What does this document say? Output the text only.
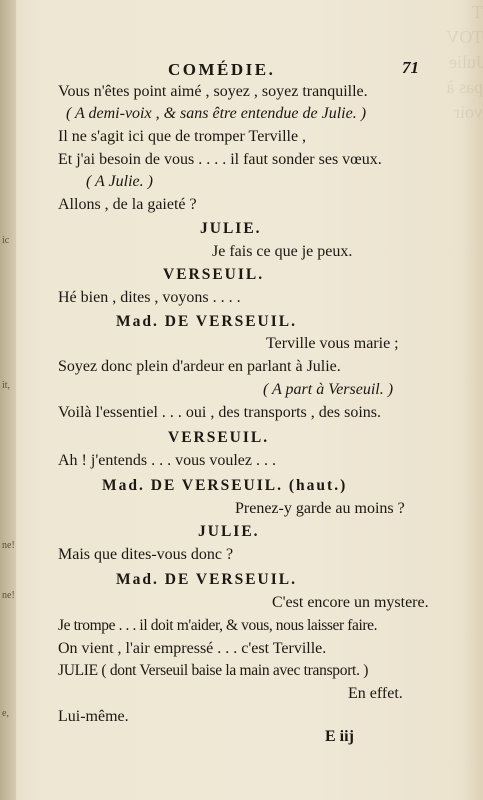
T
TOV
Julie
pas à
voir
COMÉDIE.	71
Vous n'êtes point aimé , soyez , soyez tranquille.
( A demi-voix , & sans être entendue de Julie. )
Il ne s'agit ici que de tromper Terville ,
Et j'ai besoin de vous . . . . il faut sonder ses vœux.
( A Julie. )
Allons , de la gaieté ?
JULIE.
Je fais ce que je peux.
VERSEUIL.
Hé bien , dites , voyons . . . .
Mad. DE VERSEUIL.
Terville vous marie ;
Soyez donc plein d'ardeur en parlant à Julie.
( A part à Verseuil. )
Voilà l'essentiel . . . oui , des transports , des soins.
VERSEUIL.
Ah ! j'entends . . . vous voulez . . .
Mad. DE VERSEUIL. (haut.)
Prenez-y garde au moins ?
JULIE.
Mais que dites-vous donc ?
Mad. DE VERSEUIL.
C'est encore un mystere.
Je trompe . . . il doit m'aider, & vous, nous laisser faire.
On vient , l'air empressé . . . c'est Terville.
JULIE ( dont Verseuil baise la main avec transport. )
En effet.
Lui-même.
E iij
ic
it,
ne!
ne!
e,
